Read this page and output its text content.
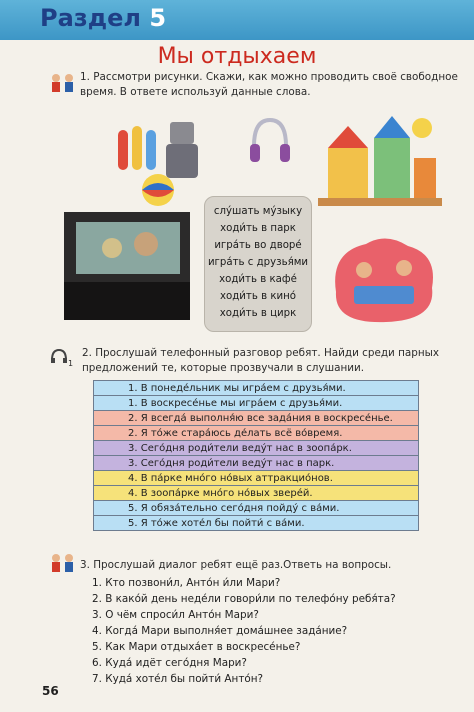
Раздел 5
Мы отдыхаем
1. Рассмотри рисунки. Скажи, как можно проводить своё свободное
время. В ответе используй данные слова.
слу́шать му́зыку
ходи́ть в парк
игра́ть во дворе́
игра́ть с друзья́ми
ходи́ть в кафе́
ходи́ть в кино́
ходи́ть в цирк
1
2. Прослушай телефонный разговор ребят. Найди среди парных
предложений те, которые прозвучали в слушании.
1. В понеде́льник мы игра́ем с друзья́ми.
1. В воскресе́нье мы игра́ем с друзья́ми.
2. Я всегда́ выполня́ю все зада́ния в воскресе́нье.
2. Я то́же стара́юсь де́лать всё во́время.
3. Сего́дня роди́тели веду́т нас в зоопа́рк.
3. Сего́дня роди́тели веду́т нас в парк.
4. В па́рке мно́го но́вых аттракцио́нов.
4. В зоопа́рке мно́го но́вых звере́й.
5. Я обяза́тельно сего́дня пойду́ с ва́ми.
5. Я то́же хоте́л бы пойти́ с ва́ми.
3. Прослушай диалог ребят ещё раз.Ответь на вопросы.
1. Кто позвони́л, Анто́н и́ли Мари?
2. В како́й день неде́ли говори́ли по телефо́ну ребя́та?
3. О чём спроси́л Анто́н Мари?
4. Когда́ Мари выполня́ет дома́шнее зада́ние?
5. Как Мари отдыха́ет в воскресе́нье?
6. Куда́ идёт сего́дня Мари?
7. Куда́ хоте́л бы пойти́ Анто́н?
56
